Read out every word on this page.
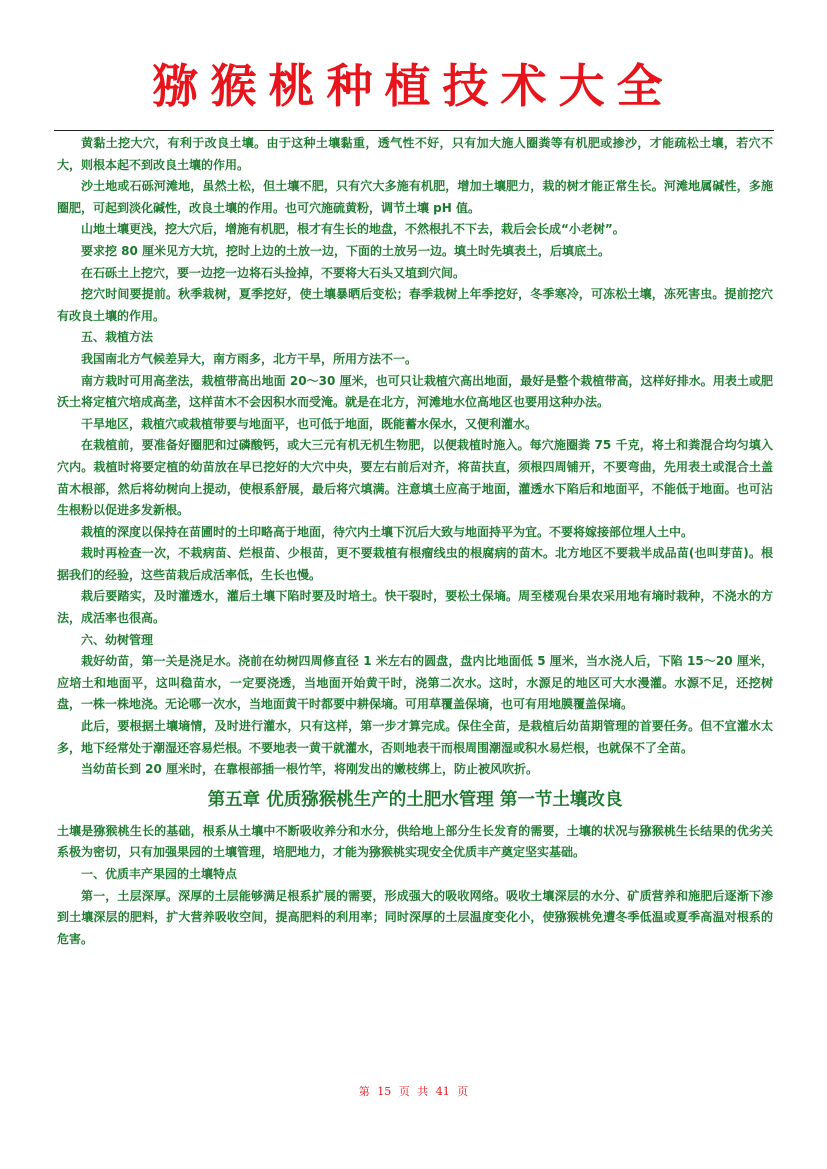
猕猴桃种植技术大全

黄黏土挖大穴，有利于改良土壤。由于这种土壤黏重，透气性不好，只有加大施人圈粪等有机肥或掺沙，才能疏松土壤，若穴不大，则根本起不到改良土壤的作用。

沙土地或石砾河滩地，虽然土松，但土壤不肥，只有穴大多施有机肥，增加土壤肥力，栽的树才能正常生长。河滩地属碱性，多施圈肥，可起到淡化碱性，改良土壤的作用。也可穴施硫黄粉，调节土壤 pH 值。

山地土壤更浅，挖大穴后，增施有机肥，根才有生长的地盘，不然根扎不下去，栽后会长成“小老树”。

要求挖 80 厘米见方大坑，挖时上边的土放一边，下面的土放另一边。填土时先填表土，后填底土。

在石砾土上挖穴，要一边挖一边将石头捡掉，不要将大石头又埴到穴间。

挖穴时间要提前。秋季栽树，夏季挖好，使土壤暴晒后变松；春季栽树上年季挖好，冬季寒冷，可冻松土壤，冻死害虫。提前挖穴有改良土壤的作用。

五、栽植方法

我国南北方气候差异大，南方雨多，北方干旱，所用方法不一。

南方栽时可用高垄法，栽植带高出地面 20～30 厘米，也可只让栽植穴高出地面，最好是整个栽植带高，这样好排水。用表土或肥沃土将定植穴培成高垄，这样苗木不会因积水而受淹。就是在北方，河滩地水位高地区也要用这种办法。

干旱地区，栽植穴或栽植带要与地面平，也可低于地面，既能蓄水保水，又便利灌水。

在栽植前，要准备好圈肥和过磷酸钙，或大三元有机无机生物肥，以便栽植时施入。每穴施圈粪 75 千克，将土和粪混合均匀填入穴内。栽植时将要定植的幼苗放在早已挖好的大穴中央，要左右前后对齐，将苗扶直，须根四周铺开，不要弯曲，先用表土或混合土盖苗木根部，然后将幼树向上提动，使根系舒展，最后将穴填满。注意填土应高于地面，灌透水下陷后和地面平，不能低于地面。也可沾生根粉以促进多发新根。

栽植的深度以保持在苗圃时的土印略高于地面，待穴内土壤下沉后大致与地面持平为宜。不要将嫁接部位埋人土中。

栽时再检查一次，不栽病苗、烂根苗、少根苗，更不要栽植有根瘤线虫的根腐病的苗木。北方地区不要栽半成品苗(也叫芽苗)。根据我们的经验，这些苗栽后成活率低，生长也慢。

栽后要踏实，及时灌透水，灌后土壤下陷时要及时培土。快干裂时，要松土保墒。周至楼观台果农采用地有墒时栽种，不浇水的方法，成活率也很高。

六、幼树管理

栽好幼苗，第一关是浇足水。浇前在幼树四周修直径 1 米左右的圆盘，盘内比地面低 5 厘米，当水浇人后，下陷 15～20 厘米，应培土和地面平，这叫稳苗水，一定要浇透，当地面开始黄干时，浇第二次水。这时，水源足的地区可大水漫灌。水源不足，还挖树盘，一株一株地浇。无论哪一次水，当地面黄干时都要中耕保墒。可用草覆盖保墒，也可有用地膜覆盖保墒。

此后，要根据土壤墒情，及时进行灌水，只有这样，第一步才算完成。保住全苗，是栽植后幼苗期管理的首要任务。但不宜灌水太多，地下经常处于潮湿还容易烂根。不要地表一黄干就灌水，否则地表干而根周围潮湿或积水易烂根，也就保不了全苗。

当幼苗长到 20 厘米时，在靠根部插一根竹竿，将刚发出的嫩枝绑上，防止被风吹折。

第五章 优质猕猴桃生产的土肥水管理 第一节土壤改良

土壤是猕猴桃生长的基础，根系从土壤中不断吸收养分和水分，供给地上部分生长发育的需要，土壤的状况与猕猴桃生长结果的优劣关系极为密切，只有加强果园的土壤管理，培肥地力，才能为猕猴桃实现安全优质丰产奠定坚实基础。

一、优质丰产果园的土壤特点

第一，土层深厚。深厚的土层能够满足根系扩展的需要，形成强大的吸收网络。吸收土壤深层的水分、矿质营养和施肥后逐渐下渗到土壤深层的肥料，扩大营养吸收空间，提高肥料的利用率；同时深厚的土层温度变化小，使猕猴桃免遭冬季低温或夏季高温对根系的危害。

第 15 页 共 41 页
